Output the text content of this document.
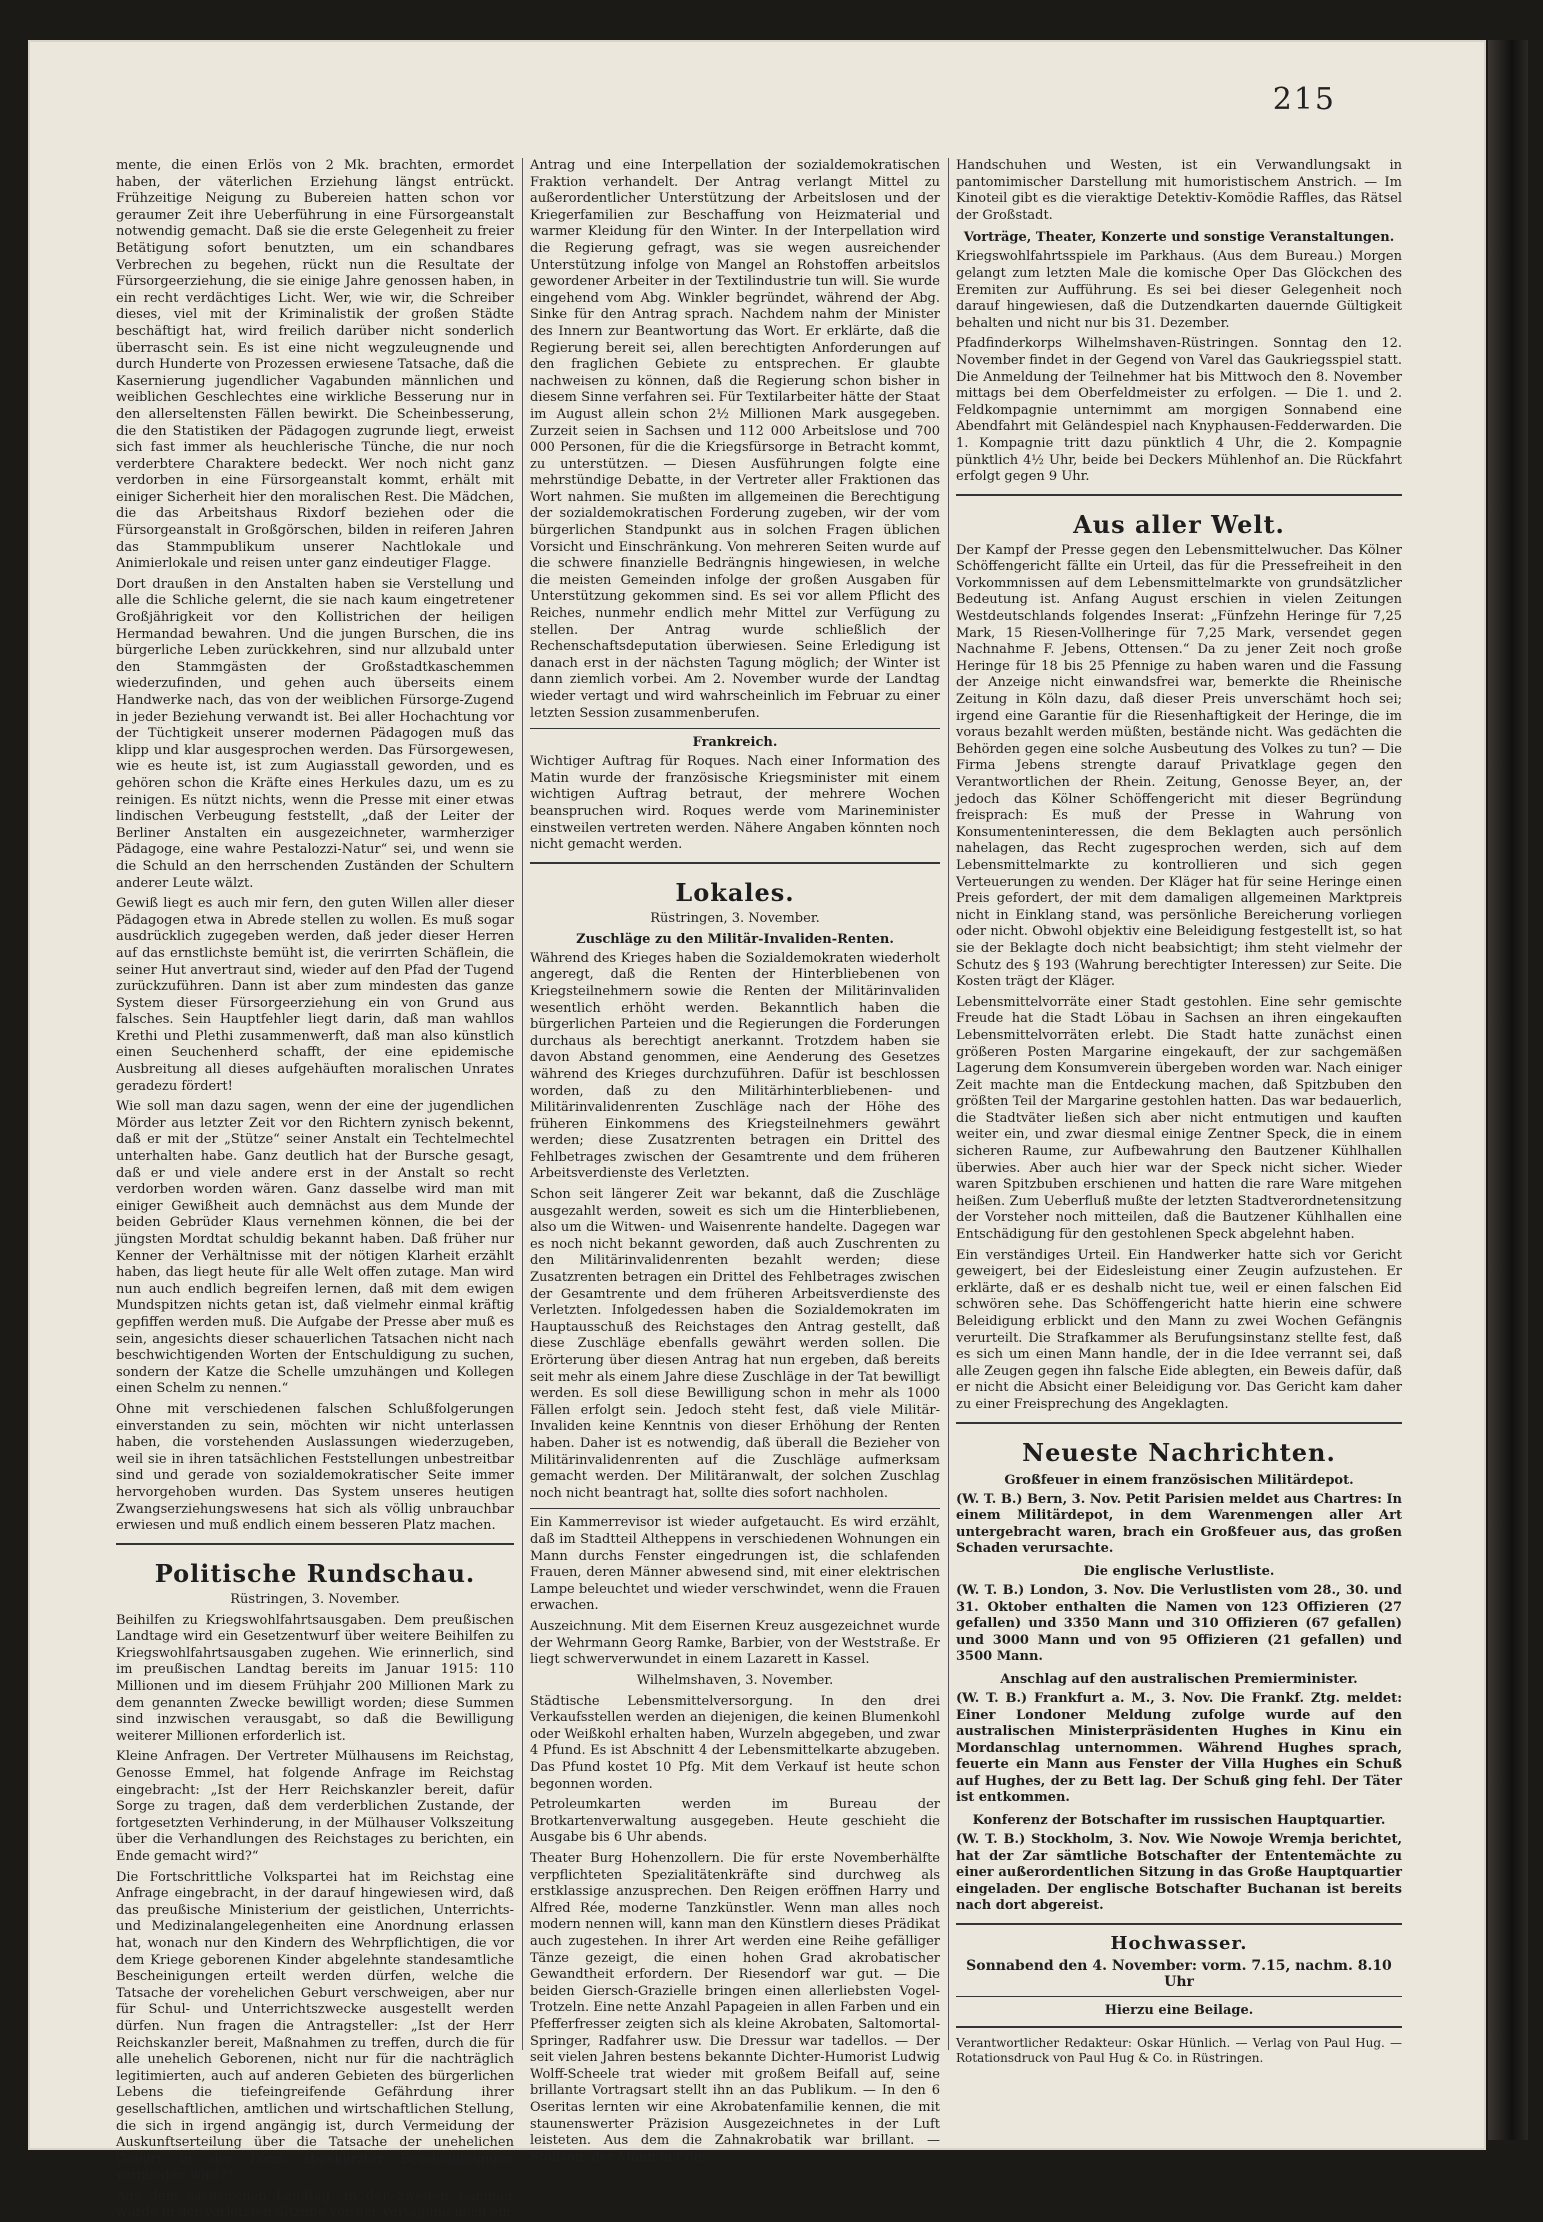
215

mente, die einen Erlös von 2 Mk. brachten, ermordet haben, der väterlichen Erziehung längst entrückt. Frühzeitige Neigung zu Bubereien hatten schon vor geraumer Zeit ihre Ueberführung in eine Fürsorgeanstalt notwendig gemacht. Daß sie die erste Gelegenheit zu freier Betätigung sofort benutzten, um ein schandbares Verbrechen zu begehen, rückt nun die Resultate der Fürsorgeerziehung, die sie einige Jahre genossen haben, in ein recht verdächtiges Licht. Wer, wie wir, die Schreiber dieses, viel mit der Kriminalistik der großen Städte beschäftigt hat, wird freilich darüber nicht sonderlich überrascht sein. Es ist eine nicht wegzuleugnende und durch Hunderte von Prozessen erwiesene Tatsache, daß die Kasernierung jugendlicher Vagabunden männlichen und weiblichen Geschlechtes eine wirkliche Besserung nur in den allerseltensten Fällen bewirkt. Die Scheinbesserung, die den Statistiken der Pädagogen zugrunde liegt, erweist sich fast immer als heuchlerische Tünche, die nur noch verderbtere Charaktere bedeckt. Wer noch nicht ganz verdorben in eine Fürsorgeanstalt kommt, erhält mit einiger Sicherheit hier den moralischen Rest. Die Mädchen, die das Arbeitshaus Rixdorf beziehen oder die Fürsorgeanstalt in Großgörschen, bilden in reiferen Jahren das Stammpublikum unserer Nachtlokale und Animierlokale und reisen unter ganz eindeutiger Flagge.

Dort draußen in den Anstalten haben sie Verstellung und alle die Schliche gelernt, die sie nach kaum eingetretener Großjährigkeit vor den Kollistrichen der heiligen Hermandad bewahren. Und die jungen Burschen, die ins bürgerliche Leben zurückkehren, sind nur allzubald unter den Stammgästen der Großstadtkaschemmen wiederzufinden, und gehen auch überseits einem Handwerke nach, das von der weiblichen Fürsorge-Zugend in jeder Beziehung verwandt ist. Bei aller Hochachtung vor der Tüchtigkeit unserer modernen Pädagogen muß das klipp und klar ausgesprochen werden. Das Fürsorgewesen, wie es heute ist, ist zum Augiasstall geworden, und es gehören schon die Kräfte eines Herkules dazu, um es zu reinigen. Es nützt nichts, wenn die Presse mit einer etwas lindischen Verbeugung feststellt, „daß der Leiter der Berliner Anstalten ein ausgezeichneter, warmherziger Pädagoge, eine wahre Pestalozzi-Natur“ sei, und wenn sie die Schuld an den herrschenden Zuständen der Schultern anderer Leute wälzt.

Gewiß liegt es auch mir fern, den guten Willen aller dieser Pädagogen etwa in Abrede stellen zu wollen. Es muß sogar ausdrücklich zugegeben werden, daß jeder dieser Herren auf das ernstlichste bemüht ist, die verirrten Schäflein, die seiner Hut anvertraut sind, wieder auf den Pfad der Tugend zurückzuführen. Dann ist aber zum mindesten das ganze System dieser Fürsorgeerziehung ein von Grund aus falsches. Sein Hauptfehler liegt darin, daß man wahllos Krethi und Plethi zusammenwerft, daß man also künstlich einen Seuchenherd schafft, der eine epidemische Ausbreitung all dieses aufgehäuften moralischen Unrates geradezu fördert!

Wie soll man dazu sagen, wenn der eine der jugendlichen Mörder aus letzter Zeit vor den Richtern zynisch bekennt, daß er mit der „Stütze“ seiner Anstalt ein Techtelmechtel unterhalten habe. Ganz deutlich hat der Bursche gesagt, daß er und viele andere erst in der Anstalt so recht verdorben worden wären. Ganz dasselbe wird man mit einiger Gewißheit auch demnächst aus dem Munde der beiden Gebrüder Klaus vernehmen können, die bei der jüngsten Mordtat schuldig bekannt haben. Daß früher nur Kenner der Verhältnisse mit der nötigen Klarheit erzählt haben, das liegt heute für alle Welt offen zutage. Man wird nun auch endlich begreifen lernen, daß mit dem ewigen Mundspitzen nichts getan ist, daß vielmehr einmal kräftig gepfiffen werden muß. Die Aufgabe der Presse aber muß es sein, angesichts dieser schauerlichen Tatsachen nicht nach beschwichtigenden Worten der Entschuldigung zu suchen, sondern der Katze die Schelle umzuhängen und Kollegen einen Schelm zu nennen.“

Ohne mit verschiedenen falschen Schlußfolgerungen einverstanden zu sein, möchten wir nicht unterlassen haben, die vorstehenden Auslassungen wiederzugeben, weil sie in ihren tatsächlichen Feststellungen unbestreitbar sind und gerade von sozialdemokratischer Seite immer hervorgehoben wurden. Das System unseres heutigen Zwangserziehungswesens hat sich als völlig unbrauchbar erwiesen und muß endlich einem besseren Platz machen.

Politische Rundschau.
Rüstringen, 3. November.

Beihilfen zu Kriegswohlfahrtsausgaben. Dem preußischen Landtage wird ein Gesetzentwurf über weitere Beihilfen zu Kriegswohlfahrtsausgaben zugehen. Wie erinnerlich, sind im preußischen Landtag bereits im Januar 1915: 110 Millionen und im diesem Frühjahr 200 Millionen Mark zu dem genannten Zwecke bewilligt worden; diese Summen sind inzwischen verausgabt, so daß die Bewilligung weiterer Millionen erforderlich ist.

Kleine Anfragen. Der Vertreter Mülhausens im Reichstag, Genosse Emmel, hat folgende Anfrage im Reichstag eingebracht: „Ist der Herr Reichskanzler bereit, dafür Sorge zu tragen, daß dem verderblichen Zustande, der fortgesetzten Verhinderung, in der Mülhauser Volkszeitung über die Verhandlungen des Reichstages zu berichten, ein Ende gemacht wird?“

Die Fortschrittliche Volkspartei hat im Reichstag eine Anfrage eingebracht, in der darauf hingewiesen wird, daß das preußische Ministerium der geistlichen, Unterrichts- und Medizinalangelegenheiten eine Anordnung erlassen hat, wonach nur den Kindern des Wehrpflichtigen, die vor dem Kriege geborenen Kinder abgelehnte standesamtliche Bescheinigungen erteilt werden dürfen, welche die Tatsache der vorehelichen Geburt verschweigen, aber nur für Schul- und Unterrichtszwecke ausgestellt werden dürfen. Nun fragen die Antragsteller: „Ist der Herr Reichskanzler bereit, Maßnahmen zu treffen, durch die für alle unehelich Geborenen, nicht nur für die nachträglich legitimierten, auch auf anderen Gebieten des bürgerlichen Lebens die tiefeingreifende Gefährdung ihrer gesellschaftlichen, amtlichen und wirtschaftlichen Stellung, die sich in irgend angängig ist, durch Vermeidung der Auskunftserteilung über die Tatsache der unehelichen Geburt in der Form abgekürzter Bescheinigungen vermieden wird?“

Aus dem sächsischen Landtag. In der zweiten Kammer wurde in der vorletzten Sitzung vor der Vertagung noch ein

Antrag und eine Interpellation der sozialdemokratischen Fraktion verhandelt. Der Antrag verlangt Mittel zu außerordentlicher Unterstützung der Arbeitslosen und der Kriegerfamilien zur Beschaffung von Heizmaterial und warmer Kleidung für den Winter. In der Interpellation wird die Regierung gefragt, was sie wegen ausreichender Unterstützung infolge von Mangel an Rohstoffen arbeitslos gewordener Arbeiter in der Textilindustrie tun will. Sie wurde eingehend vom Abg. Winkler begründet, während der Abg. Sinke für den Antrag sprach. Nachdem nahm der Minister des Innern zur Beantwortung das Wort. Er erklärte, daß die Regierung bereit sei, allen berechtigten Anforderungen auf den fraglichen Gebiete zu entsprechen. Er glaubte nachweisen zu können, daß die Regierung schon bisher in diesem Sinne verfahren sei. Für Textilarbeiter hätte der Staat im August allein schon 2½ Millionen Mark ausgegeben. Zurzeit seien in Sachsen und 112 000 Arbeitslose und 700 000 Personen, für die die Kriegsfürsorge in Betracht kommt, zu unterstützen. — Diesen Ausführungen folgte eine mehrstündige Debatte, in der Vertreter aller Fraktionen das Wort nahmen. Sie mußten im allgemeinen die Berechtigung der sozialdemokratischen Forderung zugeben, wir der vom bürgerlichen Standpunkt aus in solchen Fragen üblichen Vorsicht und Einschränkung. Von mehreren Seiten wurde auf die schwere finanzielle Bedrängnis hingewiesen, in welche die meisten Gemeinden infolge der großen Ausgaben für Unterstützung gekommen sind. Es sei vor allem Pflicht des Reiches, nunmehr endlich mehr Mittel zur Verfügung zu stellen. Der Antrag wurde schließlich der Rechenschaftsdeputation überwiesen. Seine Erledigung ist danach erst in der nächsten Tagung möglich; der Winter ist dann ziemlich vorbei. Am 2. November wurde der Landtag wieder vertagt und wird wahrscheinlich im Februar zu einer letzten Session zusammenberufen.

Frankreich.

Wichtiger Auftrag für Roques. Nach einer Information des Matin wurde der französische Kriegsminister mit einem wichtigen Auftrag betraut, der mehrere Wochen beanspruchen wird. Roques werde vom Marineminister einstweilen vertreten werden. Nähere Angaben könnten noch nicht gemacht werden.

Lokales.
Rüstringen, 3. November.
Zuschläge zu den Militär-Invaliden-Renten.

Während des Krieges haben die Sozialdemokraten wiederholt angeregt, daß die Renten der Hinterbliebenen von Kriegsteilnehmern sowie die Renten der Militärinvaliden wesentlich erhöht werden. Bekanntlich haben die bürgerlichen Parteien und die Regierungen die Forderungen durchaus als berechtigt anerkannt. Trotzdem haben sie davon Abstand genommen, eine Aenderung des Gesetzes während des Krieges durchzuführen. Dafür ist beschlossen worden, daß zu den Militärhinterbliebenen- und Militärinvalidenrenten Zuschläge nach der Höhe des früheren Einkommens des Kriegsteilnehmers gewährt werden; diese Zusatzrenten betragen ein Drittel des Fehlbetrages zwischen der Gesamtrente und dem früheren Arbeitsverdienste des Verletzten.

Schon seit längerer Zeit war bekannt, daß die Zuschläge ausgezahlt werden, soweit es sich um die Hinterbliebenen, also um die Witwen- und Waisenrente handelte. Dagegen war es noch nicht bekannt geworden, daß auch Zuschrenten zu den Militärinvalidenrenten bezahlt werden; diese Zusatzrenten betragen ein Drittel des Fehlbetrages zwischen der Gesamtrente und dem früheren Arbeitsverdienste des Verletzten. Infolgedessen haben die Sozialdemokraten im Hauptausschuß des Reichstages den Antrag gestellt, daß diese Zuschläge ebenfalls gewährt werden sollen. Die Erörterung über diesen Antrag hat nun ergeben, daß bereits seit mehr als einem Jahre diese Zuschläge in der Tat bewilligt werden. Es soll diese Bewilligung schon in mehr als 1000 Fällen erfolgt sein. Jedoch steht fest, daß viele Militär-Invaliden keine Kenntnis von dieser Erhöhung der Renten haben. Daher ist es notwendig, daß überall die Bezieher von Militärinvalidenrenten auf die Zuschläge aufmerksam gemacht werden. Der Militäranwalt, der solchen Zuschlag noch nicht beantragt hat, sollte dies sofort nachholen.

Ein Kammerrevisor ist wieder aufgetaucht. Es wird erzählt, daß im Stadtteil Altheppens in verschiedenen Wohnungen ein Mann durchs Fenster eingedrungen ist, die schlafenden Frauen, deren Männer abwesend sind, mit einer elektrischen Lampe beleuchtet und wieder verschwindet, wenn die Frauen erwachen.

Auszeichnung. Mit dem Eisernen Kreuz ausgezeichnet wurde der Wehrmann Georg Ramke, Barbier, von der Weststraße. Er liegt schwerverwundet in einem Lazarett in Kassel.

Wilhelmshaven, 3. November.

Städtische Lebensmittelversorgung. In den drei Verkaufsstellen werden an diejenigen, die keinen Blumenkohl oder Weißkohl erhalten haben, Wurzeln abgegeben, und zwar 4 Pfund. Es ist Abschnitt 4 der Lebensmittelkarte abzugeben. Das Pfund kostet 10 Pfg. Mit dem Verkauf ist heute schon begonnen worden.

Petroleumkarten werden im Bureau der Brotkartenverwaltung ausgegeben. Heute geschieht die Ausgabe bis 6 Uhr abends.

Theater Burg Hohenzollern. Die für erste Novemberhälfte verpflichteten Spezialitätenkräfte sind durchweg als erstklassige anzusprechen. Den Reigen eröffnen Harry und Alfred Rée, moderne Tanzkünstler. Wenn man alles noch modern nennen will, kann man den Künstlern dieses Prädikat auch zugestehen. In ihrer Art werden eine Reihe gefälliger Tänze gezeigt, die einen hohen Grad akrobatischer Gewandtheit erfordern. Der Riesendorf war gut. — Die beiden Giersch-Grazielle bringen einen allerliebsten Vogel-Trotzeln. Eine nette Anzahl Papageien in allen Farben und ein Pfefferfresser zeigten sich als kleine Akrobaten, Saltomortal-Springer, Radfahrer usw. Die Dressur war tadellos. — Der seit vielen Jahren bestens bekannte Dichter-Humorist Ludwig Wolff-Scheele trat wieder mit großem Beifall auf, seine brillante Vortragsart stellt ihn an das Publikum. — In den 6 Oseritas lernten wir eine Akrobatenfamilie kennen, die mit staunenswerter Präzision Ausgezeichnetes in der Luft leisteten. Aus dem die Zahnakrobatik war brillant. — Stollson, der Mann mit den

Handschuhen und Westen, ist ein Verwandlungsakt in pantomimischer Darstellung mit humoristischem Anstrich. — Im Kinoteil gibt es die vieraktige Detektiv-Komödie Raffles, das Rätsel der Großstadt.

Vorträge, Theater, Konzerte und sonstige Veranstaltungen.

Kriegswohlfahrtsspiele im Parkhaus. (Aus dem Bureau.) Morgen gelangt zum letzten Male die komische Oper Das Glöckchen des Eremiten zur Aufführung. Es sei bei dieser Gelegenheit noch darauf hingewiesen, daß die Dutzendkarten dauernde Gültigkeit behalten und nicht nur bis 31. Dezember.

Pfadfinderkorps Wilhelmshaven-Rüstringen. Sonntag den 12. November findet in der Gegend von Varel das Gaukriegsspiel statt. Die Anmeldung der Teilnehmer hat bis Mittwoch den 8. November mittags bei dem Oberfeldmeister zu erfolgen. — Die 1. und 2. Feldkompagnie unternimmt am morgigen Sonnabend eine Abendfahrt mit Geländespiel nach Knyphausen-Fedderwarden. Die 1. Kompagnie tritt dazu pünktlich 4 Uhr, die 2. Kompagnie pünktlich 4½ Uhr, beide bei Deckers Mühlenhof an. Die Rückfahrt erfolgt gegen 9 Uhr.

Aus aller Welt.

Der Kampf der Presse gegen den Lebensmittelwucher. Das Kölner Schöffengericht fällte ein Urteil, das für die Pressefreiheit in den Vorkommnissen auf dem Lebensmittelmarkte von grundsätzlicher Bedeutung ist. Anfang August erschien in vielen Zeitungen Westdeutschlands folgendes Inserat: „Fünfzehn Heringe für 7,25 Mark, 15 Riesen-Vollheringe für 7,25 Mark, versendet gegen Nachnahme F. Jebens, Ottensen.“ Da zu jener Zeit noch große Heringe für 18 bis 25 Pfennige zu haben waren und die Fassung der Anzeige nicht einwandsfrei war, bemerkte die Rheinische Zeitung in Köln dazu, daß dieser Preis unverschämt hoch sei; irgend eine Garantie für die Riesenhaftigkeit der Heringe, die im voraus bezahlt werden müßten, bestände nicht. Was gedächten die Behörden gegen eine solche Ausbeutung des Volkes zu tun? — Die Firma Jebens strengte darauf Privatklage gegen den Verantwortlichen der Rhein. Zeitung, Genosse Beyer, an, der jedoch das Kölner Schöffengericht mit dieser Begründung freisprach: Es muß der Presse in Wahrung von Konsumenteninteressen, die dem Beklagten auch persönlich nahelagen, das Recht zugesprochen werden, sich auf dem Lebensmittelmarkte zu kontrollieren und sich gegen Verteuerungen zu wenden. Der Kläger hat für seine Heringe einen Preis gefordert, der mit dem damaligen allgemeinen Marktpreis nicht in Einklang stand, was persönliche Bereicherung vorliegen oder nicht. Obwohl objektiv eine Beleidigung festgestellt ist, so hat sie der Beklagte doch nicht beabsichtigt; ihm steht vielmehr der Schutz des § 193 (Wahrung berechtigter Interessen) zur Seite. Die Kosten trägt der Kläger.

Lebensmittelvorräte einer Stadt gestohlen. Eine sehr gemischte Freude hat die Stadt Löbau in Sachsen an ihren eingekauften Lebensmittelvorräten erlebt. Die Stadt hatte zunächst einen größeren Posten Margarine eingekauft, der zur sachgemäßen Lagerung dem Konsumverein übergeben worden war. Nach einiger Zeit machte man die Entdeckung machen, daß Spitzbuben den größten Teil der Margarine gestohlen hatten. Das war bedauerlich, die Stadtväter ließen sich aber nicht entmutigen und kauften weiter ein, und zwar diesmal einige Zentner Speck, die in einem sicheren Raume, zur Aufbewahrung den Bautzener Kühlhallen überwies. Aber auch hier war der Speck nicht sicher. Wieder waren Spitzbuben erschienen und hatten die rare Ware mitgehen heißen. Zum Ueberfluß mußte der letzten Stadtverordnetensitzung der Vorsteher noch mitteilen, daß die Bautzener Kühlhallen eine Entschädigung für den gestohlenen Speck abgelehnt haben.

Ein verständiges Urteil. Ein Handwerker hatte sich vor Gericht geweigert, bei der Eidesleistung einer Zeugin aufzustehen. Er erklärte, daß er es deshalb nicht tue, weil er einen falschen Eid schwören sehe. Das Schöffengericht hatte hierin eine schwere Beleidigung erblickt und den Mann zu zwei Wochen Gefängnis verurteilt. Die Strafkammer als Berufungsinstanz stellte fest, daß es sich um einen Mann handle, der in die Idee verrannt sei, daß alle Zeugen gegen ihn falsche Eide ablegten, ein Beweis dafür, daß er nicht die Absicht einer Beleidigung vor. Das Gericht kam daher zu einer Freisprechung des Angeklagten.

Neueste Nachrichten.
Großfeuer in einem französischen Militärdepot.

(W. T. B.) Bern, 3. Nov. Petit Parisien meldet aus Chartres: In einem Militärdepot, in dem Warenmengen aller Art untergebracht waren, brach ein Großfeuer aus, das großen Schaden verursachte.

Die englische Verlustliste.

(W. T. B.) London, 3. Nov. Die Verlustlisten vom 28., 30. und 31. Oktober enthalten die Namen von 123 Offizieren (27 gefallen) und 3350 Mann und 310 Offizieren (67 gefallen) und 3000 Mann und von 95 Offizieren (21 gefallen) und 3500 Mann.

Anschlag auf den australischen Premierminister.

(W. T. B.) Frankfurt a. M., 3. Nov. Die Frankf. Ztg. meldet: Einer Londoner Meldung zufolge wurde auf den australischen Ministerpräsidenten Hughes in Kinu ein Mordanschlag unternommen. Während Hughes sprach, feuerte ein Mann aus Fenster der Villa Hughes ein Schuß auf Hughes, der zu Bett lag. Der Schuß ging fehl. Der Täter ist entkommen.

Konferenz der Botschafter im russischen Hauptquartier.

(W. T. B.) Stockholm, 3. Nov. Wie Nowoje Wremja berichtet, hat der Zar sämtliche Botschafter der Ententemächte zu einer außerordentlichen Sitzung in das Große Hauptquartier eingeladen. Der englische Botschafter Buchanan ist bereits nach dort abgereist.

Hochwasser.
Sonnabend den 4. November: vorm. 7.15, nachm. 8.10 Uhr
Hierzu eine Beilage.

Verantwortlicher Redakteur: Oskar Hünlich. — Verlag von Paul Hug. — Rotationsdruck von Paul Hug & Co. in Rüstringen.
